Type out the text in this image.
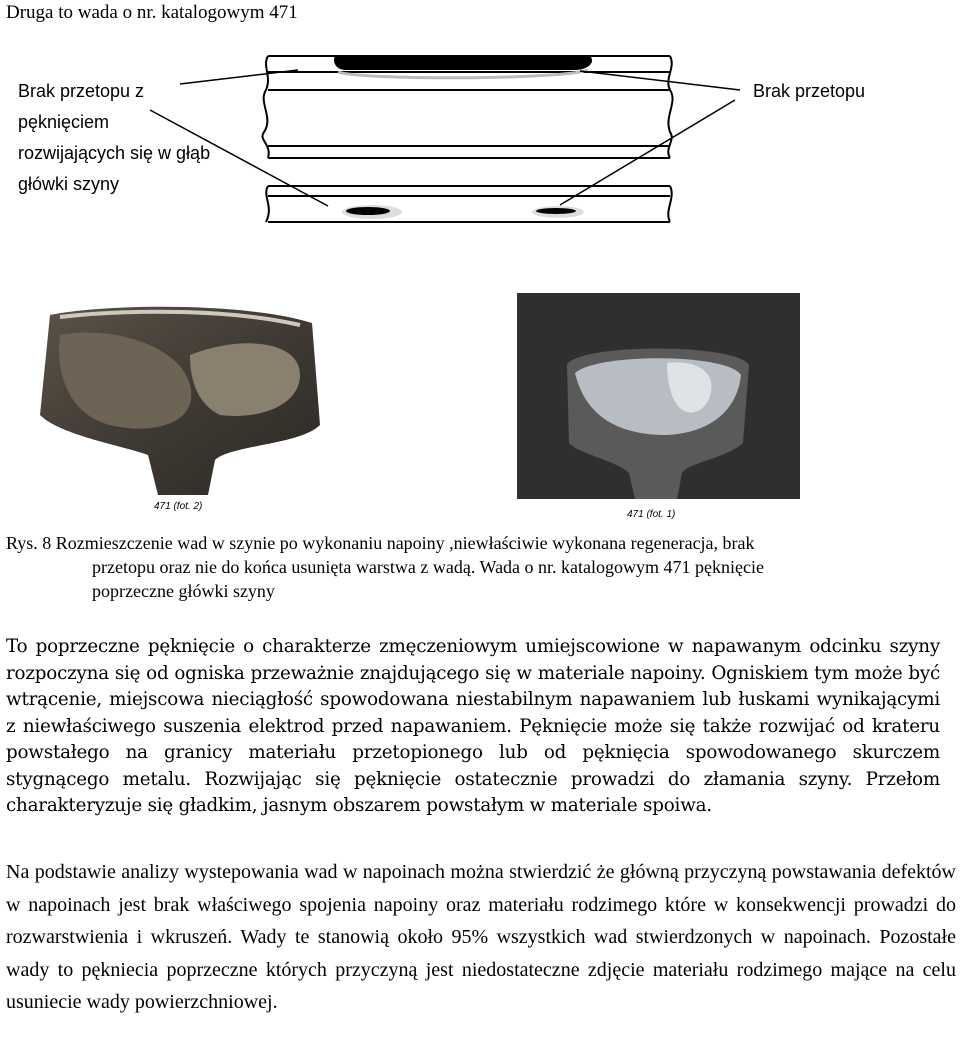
Druga to wada o nr. katalogowym 471
Brak przetopu z pęknięciem rozwijających się w głąb główki szyny
Brak przetopu
471 (fot. 2)
471 (fot. 1)
Rys. 8 Rozmieszczenie wad w szynie po wykonaniu napoiny ,niewłaściwie wykonana regeneracja, brak
przetopu oraz nie do końca usunięta warstwa z wadą. Wada o nr. katalogowym 471 pęknięcie
poprzeczne główki szyny
To poprzeczne pęknięcie o charakterze zmęczeniowym umiejscowione w napawanym odcinku szyny rozpoczyna się od ogniska przeważnie znajdującego się w materiale napoiny. Ogniskiem tym może być wtrącenie, miejscowa nieciągłość spowodowana niestabilnym napawaniem lub łuskami wynikającymi z niewłaściwego suszenia elektrod przed napawaniem. Pęknięcie może się także rozwijać od krateru powstałego na granicy materiału przetopionego lub od pęknięcia spowodowanego skurczem stygnącego metalu. Rozwijając się pęknięcie ostatecznie prowadzi do złamania szyny. Przełom charakteryzuje się gładkim, jasnym obszarem powstałym w materiale spoiwa.
Na podstawie analizy wystepowania wad w napoinach można stwierdzić że główną przyczyną powstawania defektów w napoinach jest brak właściwego spojenia napoiny oraz materiału rodzimego które w konsekwencji prowadzi do rozwarstwienia i wkruszeń. Wady te stanowią około 95% wszystkich wad stwierdzonych w napoinach. Pozostałe wady to pękniecia poprzeczne których przyczyną jest niedostateczne zdjęcie materiału rodzimego mające na celu usuniecie wady powierzchniowej.
